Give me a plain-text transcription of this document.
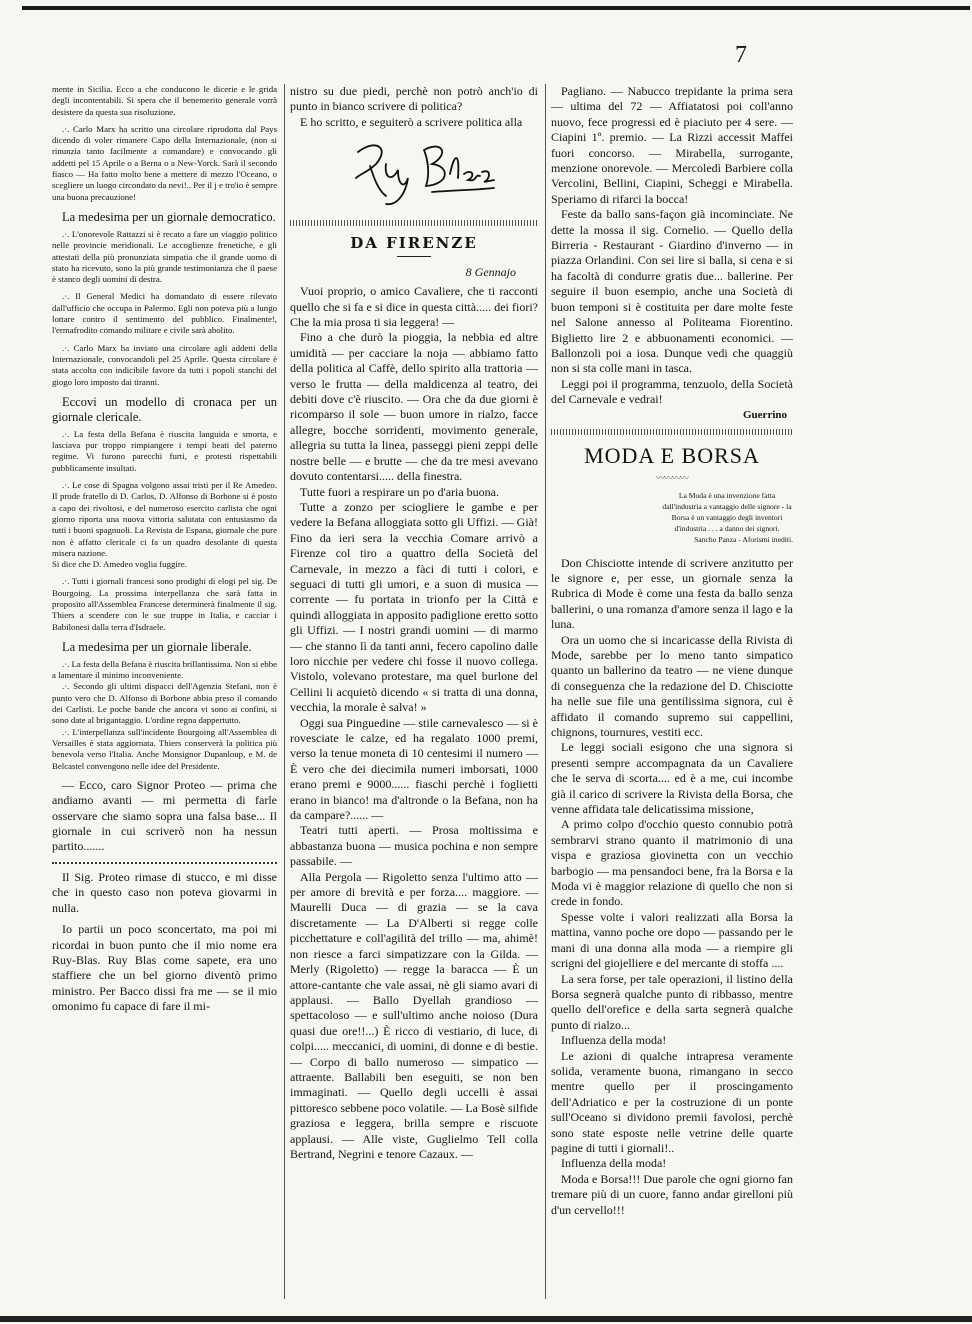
7

mente in Sicilia. Ecco a che conducono le dicerie e le grida degli incontentabili. Si spera che il benemerito generale vorrà desistere da questa sua risoluzione.

.·. Carlo Marx ha scritto una circolare riprodotta dal Pays dicendo di voler rimanere Capo della Internazionale, (non si rinunzia tanto facilmente a comandare) e convocando gli addetti pel 15 Aprile o a Berna o a New-Yorck. Sarà il secondo fiasco — Ha fatto molto bene a mettere di mezzo l'Oceano, o scegliere un luogo circondato da nevi!.. Per il j e tro'io è sempre una buona precauzione!

La medesima per un giornale democratico.

.·. L'onorevole Rattazzi si è recato a fare un viaggio politico nelle provincie meridionali. Le accoglienze frenetiche, e gli attestati della più pronunziata simpatia che il grande uomo di stato ha ricevuto, sono la più grande testimonianza che il paese è stanco degli uomini di destra.

.·. Il General Medici ha domandato di essere rilevato dall'ufficio che occupa in Palermo. Egli non poteva più a lungo lottare contro il sentimento del pubblico. Finalmente!, l'ermafrodito comando militare e civile sarà abolito.

.·. Carlo Marx ha inviato una circolare agli addetti della Internazionale, convocandoli pel 25 Aprile. Questa circolare è stata accolta con indicibile favore da tutti i popoli stanchi del giogo loro imposto dai tiranni.

Eccovi un modello di cronaca per un giornale clericale.

.·. La festa della Befana è riuscita languida e smorta, e lasciava pur troppo rimpiangere i tempi beati del paterno regime. Vi furono parecchi furti, e protesti rispettabili pubblicamente insultati.

.·. Le cose di Spagna volgono assai tristi per il Re Amedeo. Il prode fratello di D. Carlos, D. Alfonso di Borbone si è posto a capo dei rivoltosi, e del numeroso esercito carlista che ogni giorno riporta una nuova vittoria salutata con entusiasmo da tutti i buoni spagnuoli. La Revista de Espana, giornale che pure non è affatto clericale ci fa un quadro desolante di questa misera nazione.

Si dice che D. Amedeo voglia fuggire.

.·. Tutti i giornali francesi sono prodighi di elogi pel sig. De Bourgoing. La prossima interpellanza che sarà fatta in proposito all'Assemblea Francese determinerà finalmente il sig. Thiers a scendere con le sue truppe in Italia, e cacciar i Babilonesi dalla terra d'Isdraele.

La medesima per un giornale liberale.

.·. La festa della Befana è riuscita brillantissima. Non si ebbe a lamentare il minimo inconveniente.

.·. Secondo gli ultimi dispacci dell'Agenzia Stefani, non è punto vero che D. Alfonso di Borbone abbia preso il comando dei Carlisti. Le poche bande che ancora vi sono ai confini, si sono date al brigantaggio. L'ordine regna dappertutto.

.·. L'interpellanza sull'incidente Bourgoing all'Assemblea di Versailles è stata aggiornata. Thiers conserverà la politica più benevola verso l'Italia. Anche Monsignor Dupanloup, e M. de Belcastel convengono nelle idee del Presidente.

— Ecco, caro Signor Proteo — prima che andiamo avanti — mi permetta di farle osservare che siamo sopra una falsa base... Il giornale in cui scriverò non ha nessun partito.......

Il Sig. Proteo rimase di stucco, e mi disse che in questo caso non poteva giovarmi in nulla.

Io partii un poco sconcertato, ma poi mi ricordai in buon punto che il mio nome era Ruy-Blas. Ruy Blas come sapete, era uno staffiere che un bel giorno diventò primo ministro. Per Bacco dissi fra me — se il mio omonimo fu capace di fare il mi-

nistro su due piedi, perchè non potrò anch'io di punto in bianco scrivere di politica?

E ho scritto, e seguiterò a scrivere politica alla

DA FIRENZE

8 Gennajo

Vuoi proprio, o amico Cavaliere, che ti racconti quello che si fa e si dice in questa città..... dei fiori? Che la mia prosa ti sia leggera! —

Fino a che durò la pioggia, la nebbia ed altre umidità — per cacciare la noja — abbiamo fatto della politica al Caffè, dello spirito alla trattoria — verso le frutta — della maldicenza al teatro, dei debiti dove c'è riuscito. — Ora che da due giorni è ricomparso il sole — buon umore in rialzo, facce allegre, bocche sorridenti, movimento generale, allegria su tutta la linea, passeggi pieni zeppi delle nostre belle — e brutte — che da tre mesi avevano dovuto contentarsi..... della finestra.

Tutte fuori a respirare un po d'aria buona.

Tutte a zonzo per sciogliere le gambe e per vedere la Befana alloggiata sotto gli Uffizi. — Già! Fino da ieri sera la vecchia Comare arrivò a Firenze col tiro a quattro della Società del Carnevale, in mezzo a fàci di tutti i colori, e seguaci di tutti gli umori, e a suon di musica — corrente — fu portata in trionfo per la Città e quindi alloggiata in apposito padiglione eretto sotto gli Uffizi. — I nostri grandi uomini — di marmo — che stanno lì da tanti anni, fecero capolino dalle loro nicchie per vedere chi fosse il nuovo collega. Vistolo, volevano protestare, ma quel burlone del Cellini li acquietò dicendo « si tratta di una donna, vecchia, la morale è salva! »

Oggi sua Pinguedine — stile carnevalesco — si è rovesciate le calze, ed ha regalato 1000 premi, verso la tenue moneta di 10 centesimi il numero — È vero che dei diecimila numeri imborsati, 1000 erano premi e 9000...... fiaschi perchè i foglietti erano in bianco! ma d'altronde o la Befana, non ha da campare?...... —

Teatri tutti aperti. — Prosa moltissima e abbastanza buona — musica pochina e non sempre passabile. —

Alla Pergola — Rigoletto senza l'ultimo atto — per amore di brevità e per forza.... maggiore. — Maurelli Duca — di grazia — se la cava discretamente — La D'Alberti si regge colle picchettature e coll'agilità del trillo — ma, ahimè! non riesce a farci simpatizzare con la Gilda. — Merly (Rigoletto) — regge la baracca — È un attore-cantante che vale assai, nè gli siamo avari di applausi. — Ballo Dyellah grandioso — spettacoloso — e sull'ultimo anche noioso (Dura quasi due ore!!...) È ricco di vestiario, di luce, di colpi..... meccanici, di uomini, di donne e di bestie. — Corpo di ballo numeroso — simpatico — attraente. Ballabili ben eseguiti, se non ben immaginati. — Quello degli uccelli è assai pittoresco sebbene poco volatile. — La Bosè silfide graziosa e leggera, brilla sempre e riscuote applausi. — Alle viste, Guglielmo Tell colla Bertrand, Negrini e tenore Cazaux. —

Pagliano. — Nabucco trepidante la prima sera — ultima del 72 — Affiatatosi poi coll'anno nuovo, fece progressi ed è piaciuto per 4 sere. — Ciapini 1º. premio. — La Rizzi accessit Maffei fuori concorso. — Mirabella, surrogante, menzione onorevole. — Mercoledì Barbiere colla Vercolini, Bellini, Ciapini, Scheggi e Mirabella. Speriamo di rifarci la bocca!

Feste da ballo sans-façon già incominciate. Ne dette la mossa il sig. Cornelio. — Quello della Birreria - Restaurant - Giardino d'inverno — in piazza Orlandini. Con sei lire si balla, si cena e si ha facoltà di condurre gratis due... ballerine. Per seguire il buon esempio, anche una Società di buon temponi si è costituita per dare molte feste nel Salone annesso al Politeama Fiorentino. Biglietto lire 2 e abbuonamenti economici. — Ballonzoli poi a iosa. Dunque vedi che quaggiù non si sta colle mani in tasca.

Leggi poi il programma, tenzuolo, della Società del Carnevale e vedrai!

Guerrino

MODA E BORSA

〰〰〰〰

La Moda è una invenzione fatta dall'industria a vantaggio delle signore - la Borsa è un vantaggio degli inventori d'industria . . . a danno dei signori.

Sancho Panza - Aforismi inediti.

Don Chisciotte intende di scrivere anzitutto per le signore e, per esse, un giornale senza la Rubrica di Mode è come una festa da ballo senza ballerini, o una romanza d'amore senza il lago e la luna.

Ora un uomo che si incaricasse della Rivista di Mode, sarebbe per lo meno tanto simpatico quanto un ballerino da teatro — ne viene dunque di conseguenza che la redazione del D. Chisciotte ha nelle sue file una gentilissima signora, cui è affidato il comando supremo sui cappellini, chignons, tournures, vestiti ecc.

Le leggi sociali esigono che una signora si presenti sempre accompagnata da un Cavaliere che le serva di scorta.... ed è a me, cui incombe già il carico di scrivere la Rivista della Borsa, che venne affidata tale delicatissima missione,

A primo colpo d'occhio questo connubio potrà sembrarvi strano quanto il matrimonio di una vispa e graziosa giovinetta con un vecchio barbogio — ma pensandoci bene, fra la Borsa e la Moda vi è maggior relazione di quello che non si crede in fondo.

Spesse volte i valori realizzati alla Borsa la mattina, vanno poche ore dopo — passando per le mani di una donna alla moda — a riempire gli scrigni del giojelliere e del mercante di stoffa ....

La sera forse, per tale operazioni, il listino della Borsa segnerà qualche punto di ribbasso, mentre quello dell'orefice e della sarta segnerà qualche punto di rialzo...

Influenza della moda!

Le azioni di qualche intrapresa veramente solida, veramente buona, rimangano in secco mentre quello per il proscingamento dell'Adriatico e per la costruzione di un ponte sull'Oceano si dividono premii favolosi, perchè sono state esposte nelle vetrine delle quarte pagine di tutti i giornali!..

Influenza della moda!

Moda e Borsa!!! Due parole che ogni giorno fan tremare più di un cuore, fanno andar girelloni più d'un cervello!!!
